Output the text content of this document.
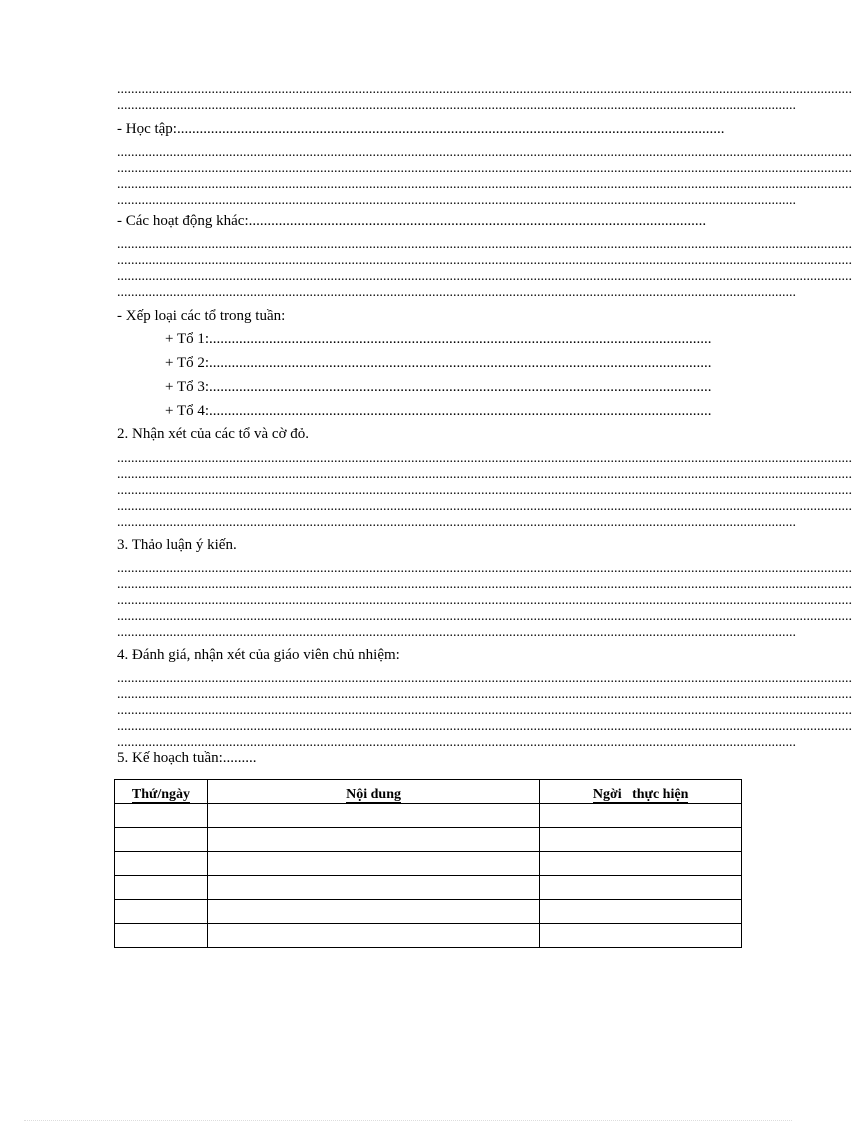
..................................................................................................................................................................................................................
..................................................................................................................................................................................................
- Học tập:..................................................................................................................................................
..................................................................................................................................................................................................................
..................................................................................................................................................................................................................
..................................................................................................................................................................................................................
..................................................................................................................................................................................................
- Các hoạt động khác:..........................................................................................................................
..................................................................................................................................................................................................................
..................................................................................................................................................................................................................
..................................................................................................................................................................................................................
..................................................................................................................................................................................................
- Xếp loại các tổ trong tuần:
+ Tổ 1:......................................................................................................................................
+ Tổ 2:......................................................................................................................................
+ Tổ 3:......................................................................................................................................
+ Tổ 4:......................................................................................................................................
2. Nhận xét của các tổ và cờ đỏ.
..................................................................................................................................................................................................................
..................................................................................................................................................................................................................
..................................................................................................................................................................................................................
..................................................................................................................................................................................................................
..................................................................................................................................................................................................
3. Thảo luận ý kiến.
..................................................................................................................................................................................................................
..................................................................................................................................................................................................................
..................................................................................................................................................................................................................
..................................................................................................................................................................................................................
..................................................................................................................................................................................................
4. Đánh giá, nhận xét của giáo viên chủ nhiệm:
..................................................................................................................................................................................................................
..................................................................................................................................................................................................................
..................................................................................................................................................................................................................
..................................................................................................................................................................................................................
..................................................................................................................................................................................................
5. Kế hoạch tuần:.........
Thứ/ngày	Nội dung	Ngời   thực hiện
